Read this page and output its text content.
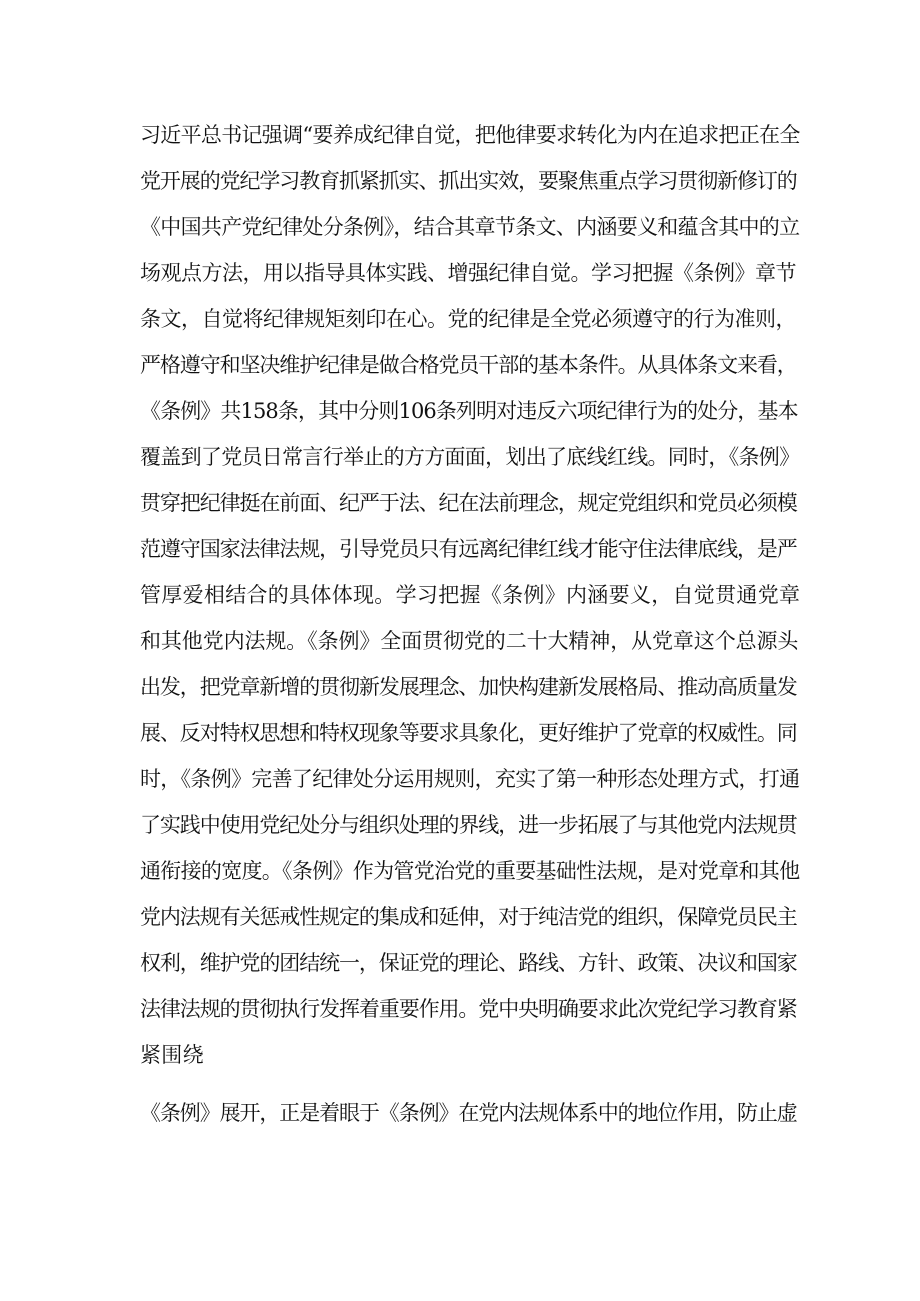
习近平总书记强调“要养成纪律自觉，把他律要求转化为内在追求把正在全
党开展的党纪学习教育抓紧抓实、抓出实效，要聚焦重点学习贯彻新修订的
《中国共产党纪律处分条例》，结合其章节条文、内涵要义和蕴含其中的立
场观点方法，用以指导具体实践、增强纪律自觉。学习把握《条例》章节
条文，自觉将纪律规矩刻印在心。党的纪律是全党必须遵守的行为准则，
严格遵守和坚决维护纪律是做合格党员干部的基本条件。从具体条文来看，
《条例》共158条，其中分则106条列明对违反六项纪律行为的处分，基本
覆盖到了党员日常言行举止的方方面面，划出了底线红线。同时，《条例》
贯穿把纪律挺在前面、纪严于法、纪在法前理念，规定党组织和党员必须模
范遵守国家法律法规，引导党员只有远离纪律红线才能守住法律底线，是严
管厚爱相结合的具体体现。学习把握《条例》内涵要义，自觉贯通党章
和其他党内法规。《条例》全面贯彻党的二十大精神，从党章这个总源头
出发，把党章新增的贯彻新发展理念、加快构建新发展格局、推动高质量发
展、反对特权思想和特权现象等要求具象化，更好维护了党章的权威性。同
时，《条例》完善了纪律处分运用规则，充实了第一种形态处理方式，打通
了实践中使用党纪处分与组织处理的界线，进一步拓展了与其他党内法规贯
通衔接的宽度。《条例》作为管党治党的重要基础性法规，是对党章和其他
党内法规有关惩戒性规定的集成和延伸，对于纯洁党的组织，保障党员民主
权利，维护党的团结统一，保证党的理论、路线、方针、政策、决议和国家
法律法规的贯彻执行发挥着重要作用。党中央明确要求此次党纪学习教育紧
紧围绕
《条例》展开，正是着眼于《条例》在党内法规体系中的地位作用，防止虚
